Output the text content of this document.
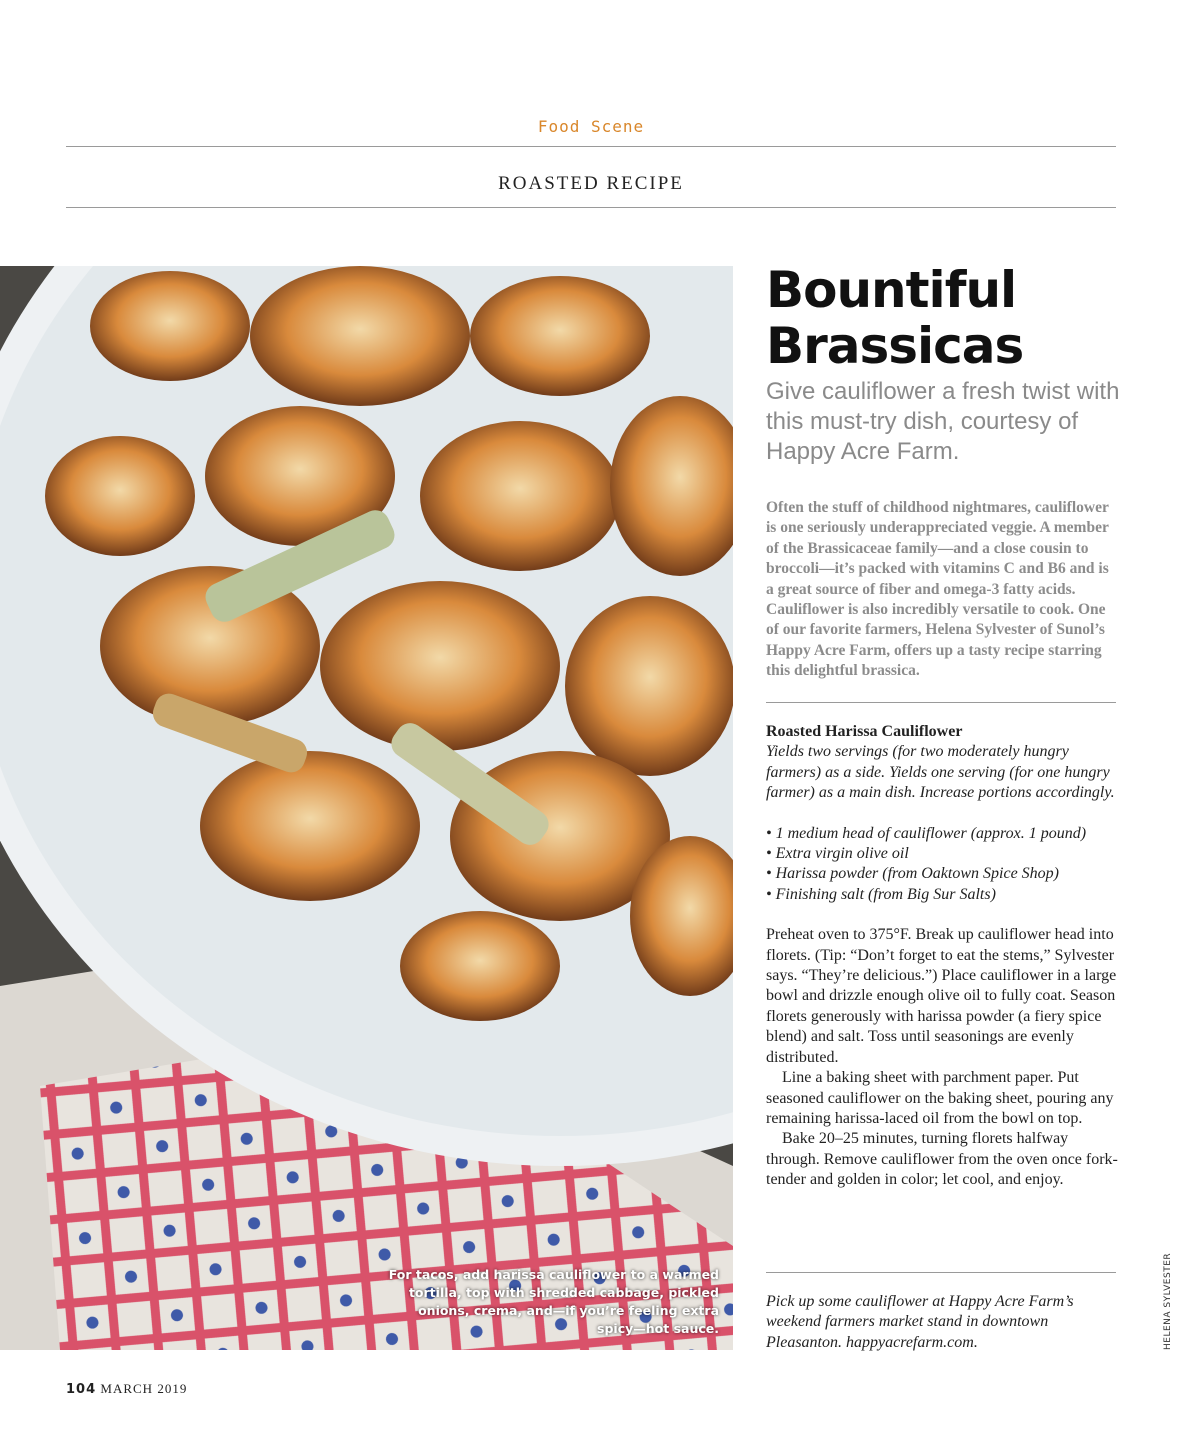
Food Scene
ROASTED RECIPE
For tacos, add harissa cauliflower to a warmed tortilla, top with shredded cabbage, pickled onions, crema, and—if you’re feeling extra spicy—hot sauce.
Bountiful
Brassicas
Give cauliflower a fresh twist with this must-try dish, courtesy of Happy Acre Farm.
Often the stuff of childhood nightmares, cauliflower is one seriously underappreciated veggie. A member of the Brassicaceae family—and a close cousin to broccoli—it’s packed with vitamins C and B6 and is a great source of fiber and omega-3 fatty acids. Cauliflower is also incredibly versatile to cook. One of our favorite farmers, Helena Sylvester of Sunol’s Happy Acre Farm, offers up a tasty recipe starring this delightful brassica.
Roasted Harissa Cauliflower
Yields two servings (for two moderately hungry farmers) as a side. Yields one serving (for one hungry farmer) as a main dish. Increase portions accordingly.
• 1 medium head of cauliflower (approx. 1 pound)
• Extra virgin olive oil
• Harissa powder (from Oaktown Spice Shop)
• Finishing salt (from Big Sur Salts)

Preheat oven to 375°F. Break up cauliflower head into florets. (Tip: “Don’t forget to eat the stems,” Sylvester says. “They’re delicious.”) Place cauliflower in a large bowl and drizzle enough olive oil to fully coat. Season florets generously with harissa powder (a fiery spice blend) and salt. Toss until seasonings are evenly distributed.

Line a baking sheet with parchment paper. Put seasoned cauliflower on the baking sheet, pouring any remaining harissa-laced oil from the bowl on top.

Bake 20–25 minutes, turning florets halfway through. Remove cauliflower from the oven once fork-tender and golden in color; let cool, and enjoy.

Pick up some cauliflower at Happy Acre Farm’s weekend farmers market stand in downtown Pleasanton. happyacrefarm.com.	HELENA SYLVESTER
104 MARCH 2019
